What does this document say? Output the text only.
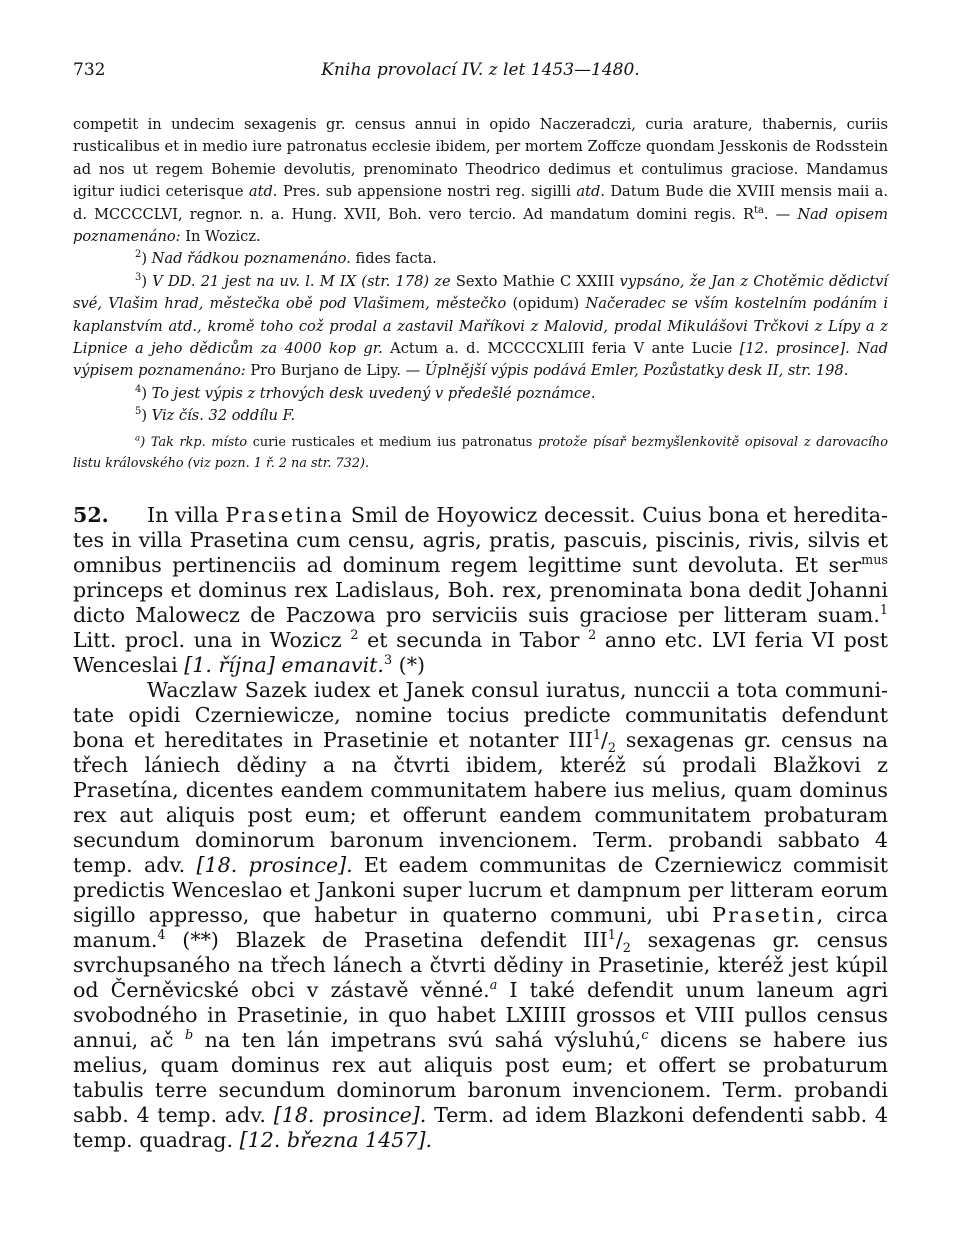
732	Kniha provolací IV. z let 1453—1480.

competit in undecim sexagenis gr. census annui in opido Naczeradczi, curia arature, thabernis, curiis rusticalibus et in medio iure patronatus ecclesie ibidem, per mortem Zoffcze quondam Jesskonis de Rodsstein ad nos ut regem Bohemie devolutis, prenominato Theodrico dedimus et contulimus graciose. Mandamus igitur iudici ceterisque atd. Pres. sub appensione nostri reg. sigilli atd. Datum Bude die XVIII mensis maii a. d. MCCCCLVI, regnor. n. a. Hung. XVII, Boh. vero tercio. Ad mandatum domini regis. $R^{ta}$. — Nad opisem poznamenáno: In Wozicz.

$^2$) Nad řádkou poznamenáno. fides facta.

$^3$) V DD. 21 jest na uv. l. M IX (str. 178) ze Sexto Mathie C XXIII vypsáno, že Jan z Chotěmic dědictví své, Vlašim hrad, městečka obě pod Vlašimem, městečko (opidum) Načeradec se vším kostelním podáním i kaplanstvím atd., kromě toho což prodal a zastavil Maříkovi z Malovid, prodal Mikulášovi Trčkovi z Lípy a z Lipnice a jeho dědicům za 4000 kop gr. Actum a. d. MCCCCXLIII feria V ante Lucie [12. prosince]. Nad výpisem poznamenáno: Pro Burjano de Lipy. — Úplnější výpis podává Emler, Pozůstatky desk II, str. 198.

$^4$) To jest výpis z trhových desk uvedený v předešlé poznámce.

$^5$) Viz čís. 32 oddílu F.

$^a$) Tak rkp. místo curie rusticales et medium ius patronatus protože písař bezmyšlenkovitě opisoval z darovacího listu královského (viz pozn. 1 ř. 2 na str. 732).

52. In villa Prasetina Smil de Hoyowicz decessit. Cuius bona et hereditates in villa Prasetina cum censu, agris, pratis, pascuis, piscinis, rivis, silvis et omnibus pertinenciis ad dominum regem legittime sunt devoluta. Et ser$^{mus}$ princeps et dominus rex Ladislaus, Boh. rex, prenominata bona dedit Johanni dicto Malowecz de Paczowa pro serviciis suis graciose per litteram suam.$^1$ Litt. procl. una in Wozicz $^2$ et secunda in Tabor $^2$ anno etc. LVI feria VI post Wenceslai [1. října] emanavit.$^3$ (*)

Waczlaw Sazek iudex et Janek consul iuratus, nunccii a tota communitate opidi Czerniewicze, nomine tocius predicte communitatis defendunt bona et hereditates in Prasetinie et notanter $III^1/_2$ sexagenas gr. census na třech lániech dědiny a na čtvrti ibidem, kteréž sú prodali Blažkovi z Prasetína, dicentes eandem communitatem habere ius melius, quam dominus rex aut aliquis post eum; et offerunt eandem communitatem probaturam secundum dominorum baronum invencionem. Term. probandi sabbato 4 temp. adv. [18. prosince]. Et eadem communitas de Czerniewicz commisit predictis Wenceslao et Jankoni super lucrum et dampnum per litteram eorum sigillo appresso, que habetur in quaterno communi, ubi Prasetin, circa manum.$^4$ (**) Blazek de Prasetina defendit $III^1/_2$ sexagenas gr. census svrchupsaného na třech lánech a čtvrti dědiny in Prasetinie, kteréž jest kúpil od Černěvicské obci v zástavě věnné.$^a$ I také defendit unum laneum agri svobodného in Prasetinie, in quo habet LXIIII grossos et VIII pullos census annui, ač $^b$ na ten lán impetrans svú sahá výsluhú,$^c$ dicens se habere ius melius, quam dominus rex aut aliquis post eum; et offert se probaturum tabulis terre secundum dominorum baronum invencionem. Term. probandi sabb. 4 temp. adv. [18. prosince]. Term. ad idem Blazkoni defendenti sabb. 4 temp. quadrag. [12. března 1457].
